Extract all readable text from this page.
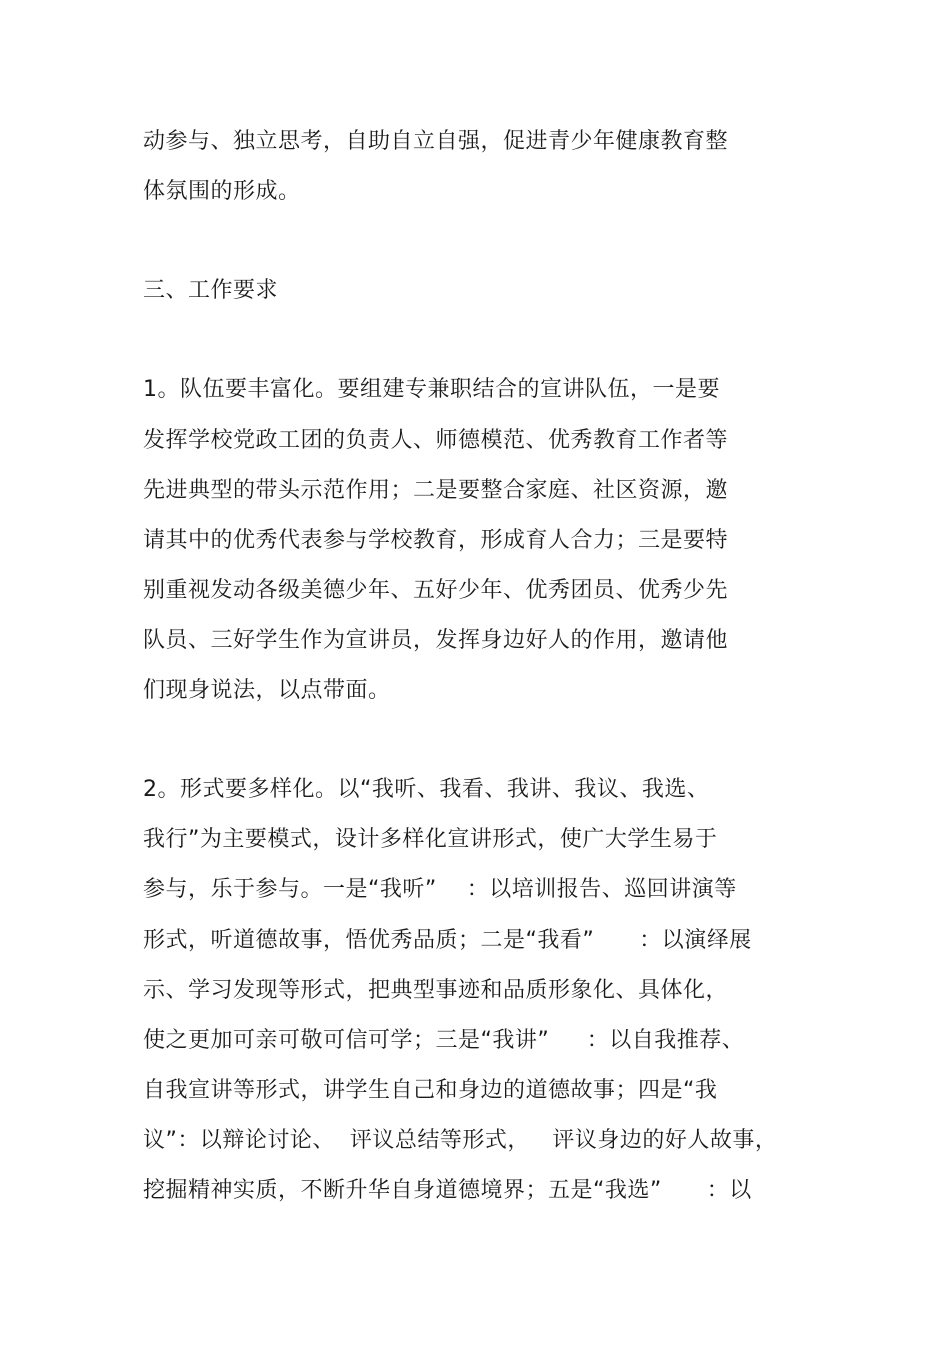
动参与、独立思考，自助自立自强，促进青少年健康教育整
体氛围的形成。
三、工作要求
1。队伍要丰富化。要组建专兼职结合的宣讲队伍，一是要
发挥学校党政工团的负责人、师德模范、优秀教育工作者等
先进典型的带头示范作用；二是要整合家庭、社区资源，邀
请其中的优秀代表参与学校教育，形成育人合力；三是要特
别重视发动各级美德少年、五好少年、优秀团员、优秀少先
队员、三好学生作为宣讲员，发挥身边好人的作用，邀请他
们现身说法，以点带面。
2。形式要多样化。以“我听、我看、我讲、我议、我选、
我行”为主要模式，设计多样化宣讲形式，使广大学生易于
参与，乐于参与。一是“我听”    ：以培训报告、巡回讲演等
形式，听道德故事，悟优秀品质；二是“我看”      ：以演绎展
示、学习发现等形式，把典型事迹和品质形象化、具体化，
使之更加可亲可敬可信可学；三是“我讲”     ：以自我推荐、
自我宣讲等形式，讲学生自己和身边的道德故事；四是“我
议”：以辩论讨论、  评议总结等形式，   评议身边的好人故事，
挖掘精神实质，不断升华自身道德境界；五是“我选”      ：以
